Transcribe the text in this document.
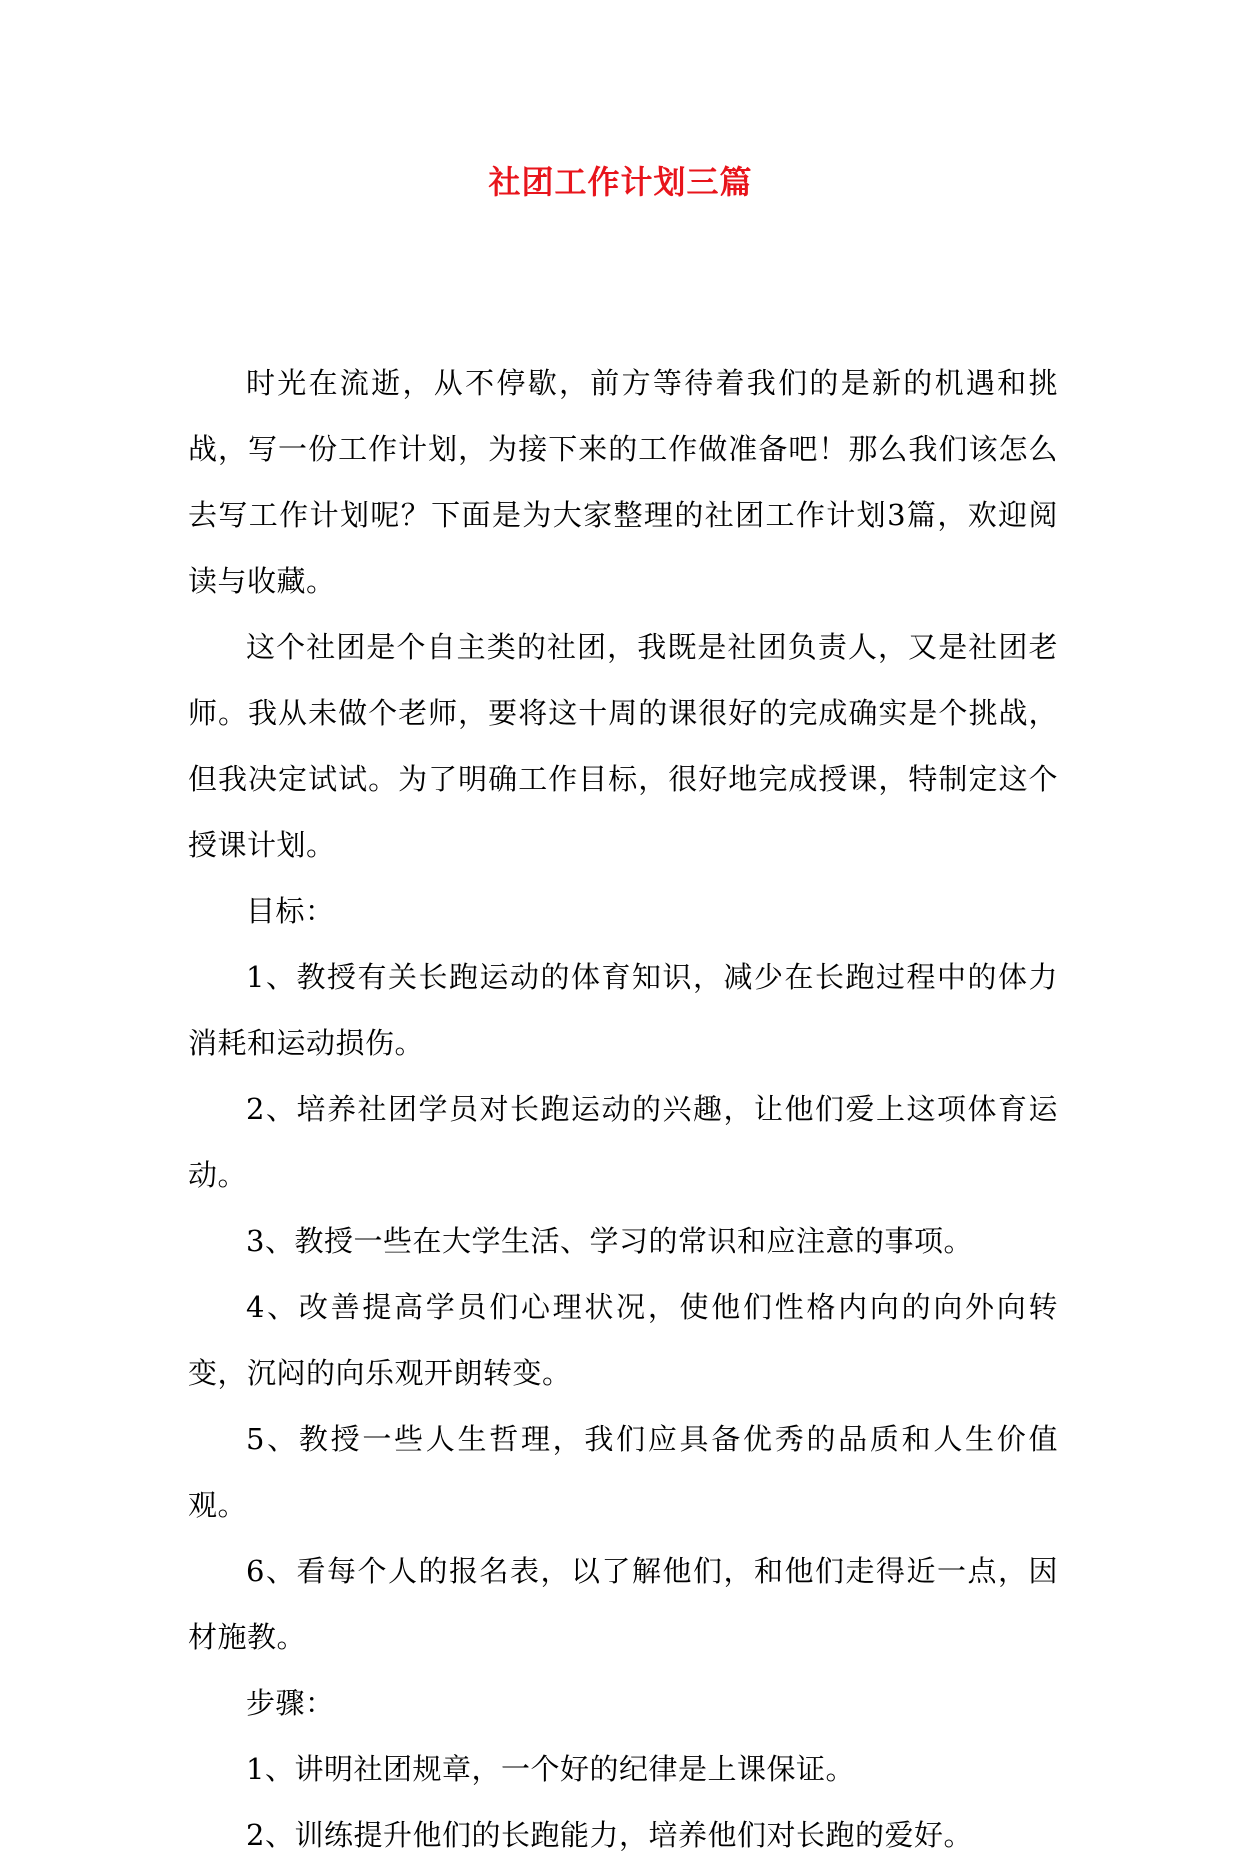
社团工作计划三篇

时光在流逝，从不停歇，前方等待着我们的是新的机遇和挑战，写一份工作计划，为接下来的工作做准备吧！那么我们该怎么去写工作计划呢？下面是为大家整理的社团工作计划3篇，欢迎阅读与收藏。

这个社团是个自主类的社团，我既是社团负责人，又是社团老师。我从未做个老师，要将这十周的课很好的完成确实是个挑战，但我决定试试。为了明确工作目标，很好地完成授课，特制定这个授课计划。

目标：

1、教授有关长跑运动的体育知识，减少在长跑过程中的体力消耗和运动损伤。

2、培养社团学员对长跑运动的兴趣，让他们爱上这项体育运动。

3、教授一些在大学生活、学习的常识和应注意的事项。

4、改善提高学员们心理状况，使他们性格内向的向外向转变，沉闷的向乐观开朗转变。

5、教授一些人生哲理，我们应具备优秀的品质和人生价值观。

6、看每个人的报名表，以了解他们，和他们走得近一点，因材施教。

步骤：

1、讲明社团规章，一个好的纪律是上课保证。

2、训练提升他们的长跑能力，培养他们对长跑的爱好。
